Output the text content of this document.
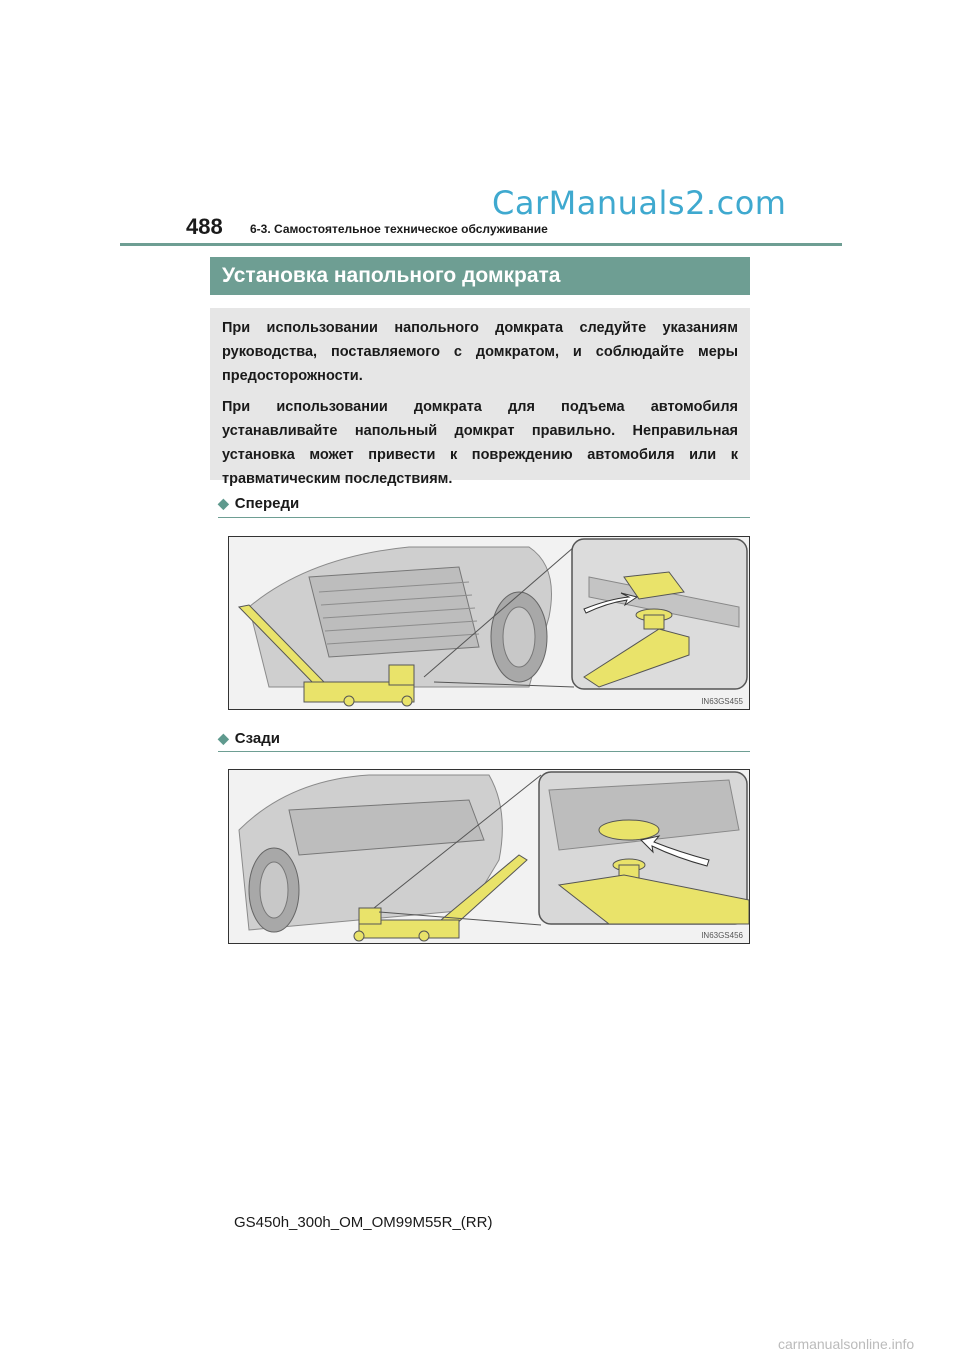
488 6-3. Самостоятельное техническое обслуживание
CarManuals2.com
Установка напольного домкрата

При использовании напольного домкрата следуйте указаниям руководства, поставляемого с домкратом, и соблюдайте меры предосторожности.

При использовании домкрата для подъема автомобиля устанавливайте напольный домкрат правильно. Неправильная установка может привести к повреждению автомобиля или к травматическим последствиям.

◆ Спереди
IN63GS455
◆ Сзади
IN63GS456
GS450h_300h_OM_OM99M55R_(RR)
carmanualsonline.info
